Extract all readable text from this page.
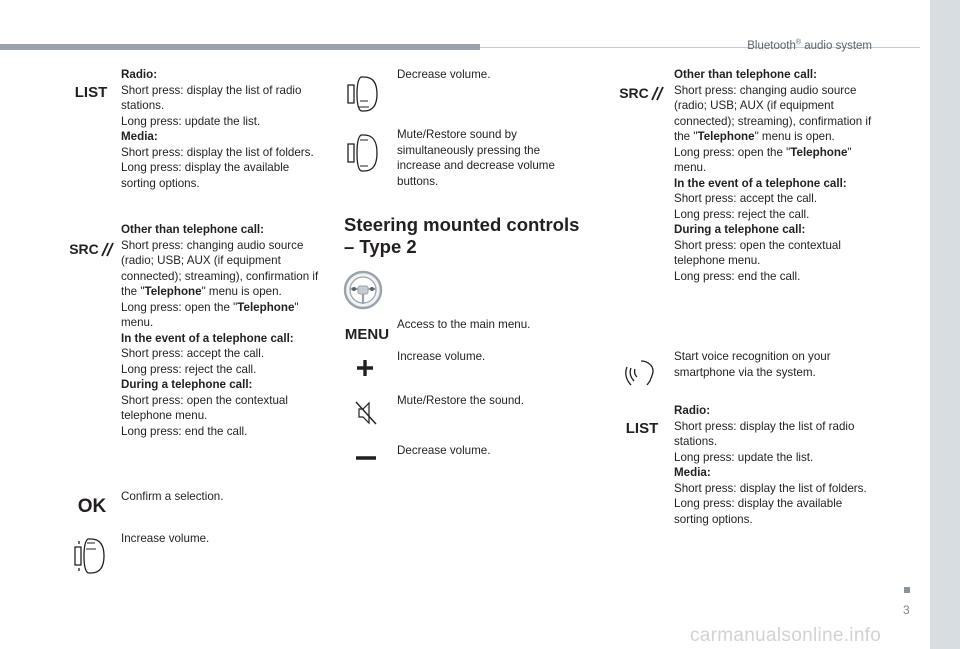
Bluetooth® audio system
LIST

Radio:

Short press: display the list of radio stations.

Long press: update the list.

Media:

Short press: display the list of folders.

Long press: display the available sorting options.

SRC

Other than telephone call:

Short press: changing audio source (radio; USB; AUX (if equipment connected); streaming), confirmation if the "Telephone" menu is open.

Long press: open the "Telephone" menu.

In the event of a telephone call:

Short press: accept the call.

Long press: reject the call.

During a telephone call:

Short press: open the contextual telephone menu.

Long press: end the call.

OK Confirm a selection.

Increase volume.

Decrease volume.

Mute/Restore sound by simultaneously pressing the increase and decrease volume buttons.

Steering mounted controls
– Type 2
MENU

Access to the main menu.

Increase volume.

Mute/Restore the sound.

Decrease volume.

SRC

Other than telephone call:

Short press: changing audio source (radio; USB; AUX (if equipment connected); streaming), confirmation if the "Telephone" menu is open.

Long press: open the "Telephone" menu.

In the event of a telephone call:

Short press: accept the call.

Long press: reject the call.

During a telephone call:

Short press: open the contextual telephone menu.

Long press: end the call.

Start voice recognition on your smartphone via the system.

LIST

Radio:

Short press: display the list of radio stations.

Long press: update the list.

Media:

Short press: display the list of folders.

Long press: display the available sorting options.

3
carmanualsonline.info
